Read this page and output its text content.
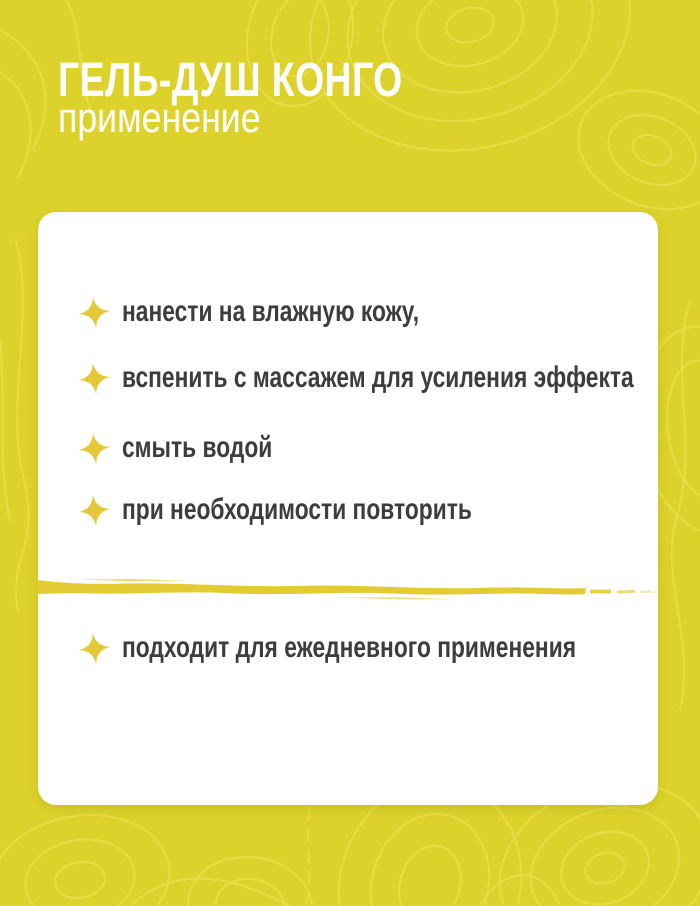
ГЕЛЬ-ДУШ КОНГО
применение
нанести на влажную кожу,
вспенить с массажем для усиления эффекта
смыть водой
при необходимости повторить
подходит для ежедневного применения
